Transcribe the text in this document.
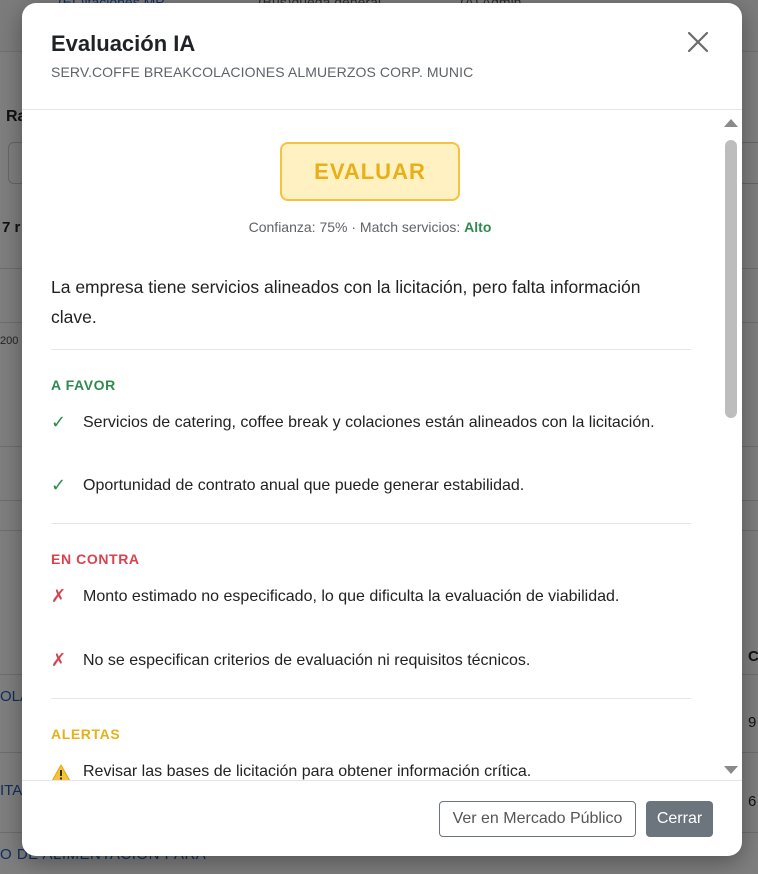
Evaluación IA
SERV.COFFE BREAKCOLACIONES ALMUERZOS CORP. MUNIC
EVALUAR
Confianza: 75% · Match servicios: Alto
La empresa tiene servicios alineados con la licitación, pero falta información clave.
A FAVOR
✓	Servicios de catering, coffee break y colaciones están alineados con la licitación.
✓	Oportunidad de contrato anual que puede generar estabilidad.
EN CONTRA
✗	Monto estimado no especificado, lo que dificulta la evaluación de viabilidad.
✗	No se especifican criterios de evaluación ni requisitos técnicos.
ALERTAS
Revisar las bases de licitación para obtener información crítica.
Ver en Mercado Público	Cerrar
